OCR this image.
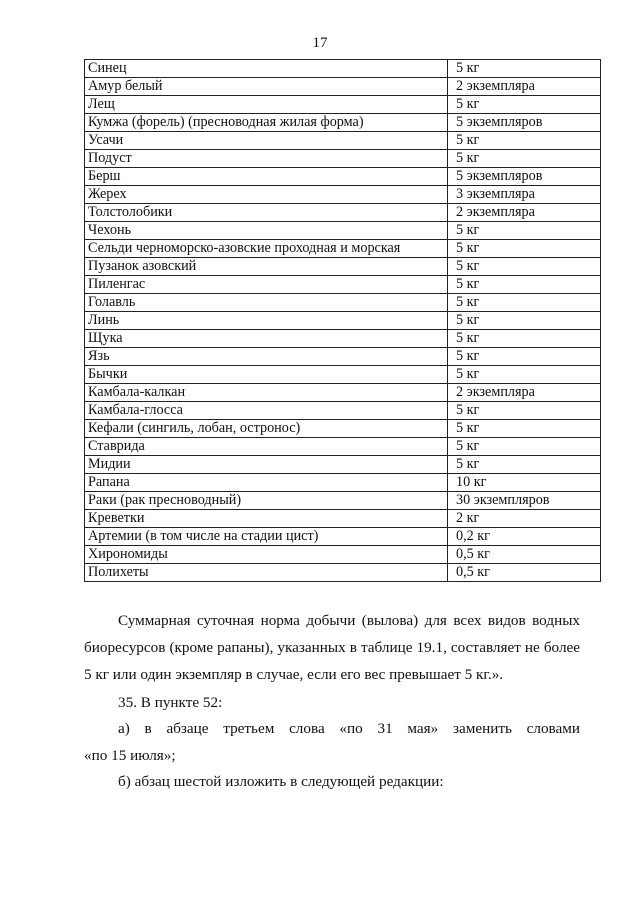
17
Синец	5 кг
Амур белый	2 экземпляра
Лещ	5 кг
Кумжа (форель) (пресноводная жилая форма)	5 экземпляров
Усачи	5 кг
Подуст	5 кг
Берш	5 экземпляров
Жерех	3 экземпляра
Толстолобики	2 экземпляра
Чехонь	5 кг
Сельди черноморско-азовские проходная и морская	5 кг
Пузанок азовский	5 кг
Пиленгас	5 кг
Голавль	5 кг
Линь	5 кг
Щука	5 кг
Язь	5 кг
Бычки	5 кг
Камбала-калкан	2 экземпляра
Камбала-глосса	5 кг
Кефали (сингиль, лобан, остронос)	5 кг
Ставрида	5 кг
Мидии	5 кг
Рапана	10 кг
Раки (рак пресноводный)	30 экземпляров
Креветки	2 кг
Артемии (в том числе на стадии цист)	0,2 кг
Хирономиды	0,5 кг
Полихеты	0,5 кг
Суммарная суточная норма добычи (вылова) для всех видов водных биоресурсов (кроме рапаны), указанных в таблице 19.1, составляет не более 5 кг или один экземпляр в случае, если его вес превышает 5 кг.».
35. В пункте 52:
а) в абзаце третьем слова «по 31 мая» заменить словами
«по 15 июля»;
б) абзац шестой изложить в следующей редакции:
